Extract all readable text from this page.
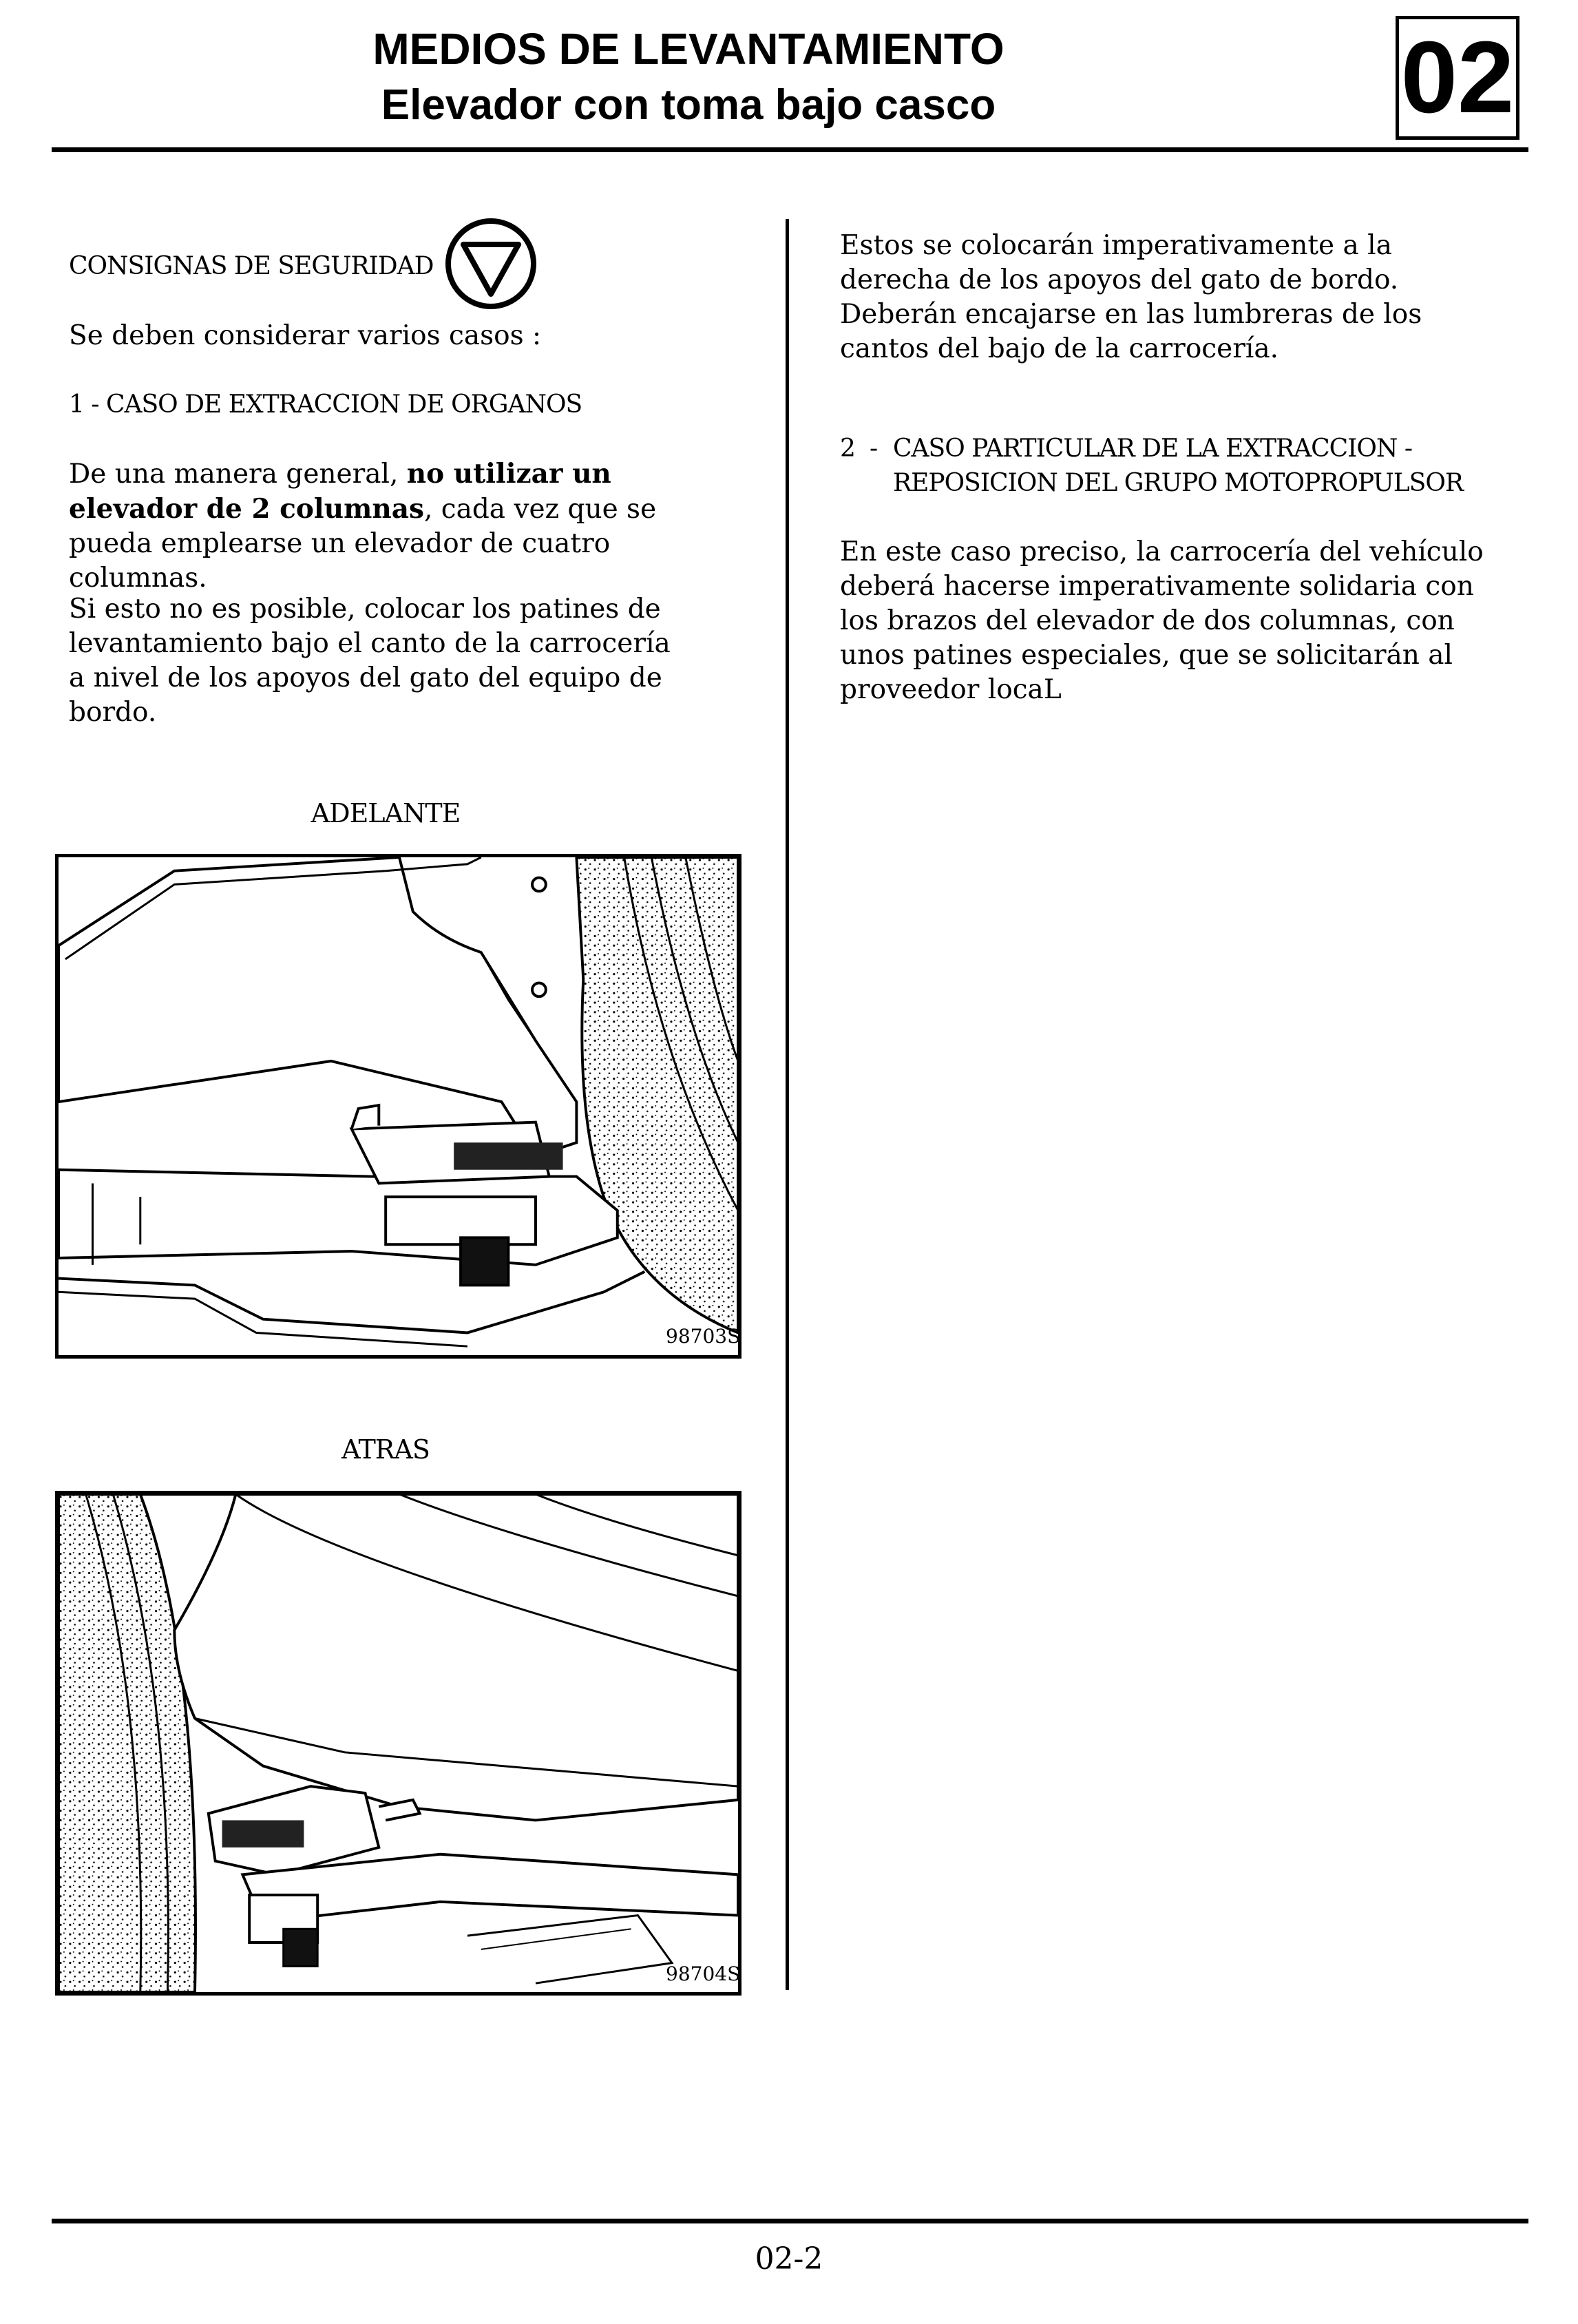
MEDIOS DE LEVANTAMIENTO
Elevador con toma bajo casco	02
CONSIGNAS DE SEGURIDAD
Se deben considerar varios casos :
1 - CASO DE EXTRACCION DE ORGANOS
De una manera general, no utilizar un elevador de 2 columnas, cada vez que se pueda emplearse un elevador de cuatro columnas.
Si esto no es posible, colocar los patines de levantamiento bajo el canto de la carrocería a nivel de los apoyos del gato del equipo de bordo.
ADELANTE
98703S
ATRAS
98704S
Estos se colocarán imperativamente a la derecha de los apoyos del gato de bordo. Deberán encajarse en las lumbreras de los cantos del bajo de la carrocería.
2 - CASO PARTICULAR DE LA EXTRACCION -
REPOSICION DEL GRUPO MOTOPROPULSOR
En este caso preciso, la carrocería del vehículo deberá hacerse imperativamente solidaria con los brazos del elevador de dos columnas, con unos patines especiales, que se solicitarán al proveedor locaL
02-2
